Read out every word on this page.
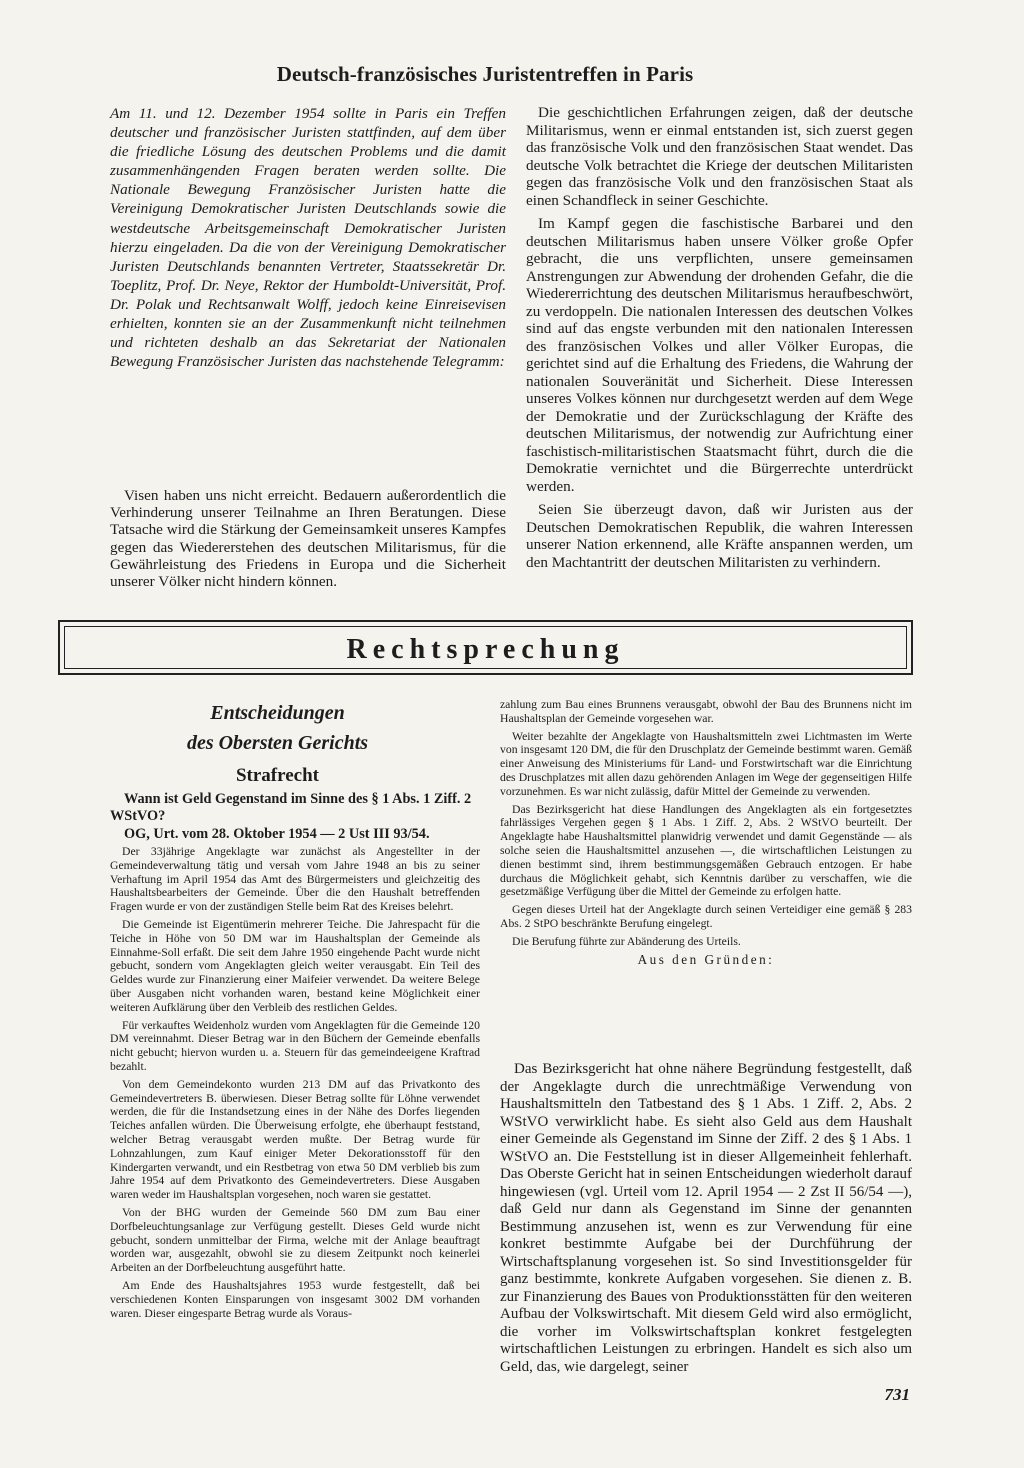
Deutsch-französisches Juristentreffen in Paris

Am 11. und 12. Dezember 1954 sollte in Paris ein Treffen deutscher und französischer Juristen stattfinden, auf dem über die friedliche Lösung des deutschen Problems und die damit zusammenhängenden Fragen beraten werden sollte. Die Nationale Bewegung Französischer Juristen hatte die Vereinigung Demokratischer Juristen Deutschlands sowie die westdeutsche Arbeitsgemeinschaft Demokratischer Juristen hierzu eingeladen. Da die von der Vereinigung Demokratischer Juristen Deutschlands benannten Vertreter, Staatssekretär Dr. Toeplitz, Prof. Dr. Neye, Rektor der Humboldt-Universität, Prof. Dr. Polak und Rechtsanwalt Wolff, jedoch keine Einreisevisen erhielten, konnten sie an der Zusammenkunft nicht teilnehmen und richteten deshalb an das Sekretariat der Nationalen Bewegung Französischer Juristen das nachstehende Telegramm:

Visen haben uns nicht erreicht. Bedauern außerordentlich die Verhinderung unserer Teilnahme an Ihren Beratungen. Diese Tatsache wird die Stärkung der Gemeinsamkeit unseres Kampfes gegen das Wiedererstehen des deutschen Militarismus, für die Gewährleistung des Friedens in Europa und die Sicherheit unserer Völker nicht hindern können.

Die geschichtlichen Erfahrungen zeigen, daß der deutsche Militarismus, wenn er einmal entstanden ist, sich zuerst gegen das französische Volk und den französischen Staat wendet. Das deutsche Volk betrachtet die Kriege der deutschen Militaristen gegen das französische Volk und den französischen Staat als einen Schandfleck in seiner Geschichte.

Im Kampf gegen die faschistische Barbarei und den deutschen Militarismus haben unsere Völker große Opfer gebracht, die uns verpflichten, unsere gemeinsamen Anstrengungen zur Abwendung der drohenden Gefahr, die die Wiedererrichtung des deutschen Militarismus heraufbeschwört, zu verdoppeln. Die nationalen Interessen des deutschen Volkes sind auf das engste verbunden mit den nationalen Interessen des französischen Volkes und aller Völker Europas, die gerichtet sind auf die Erhaltung des Friedens, die Wahrung der nationalen Souveränität und Sicherheit. Diese Interessen unseres Volkes können nur durchgesetzt werden auf dem Wege der Demokratie und der Zurückschlagung der Kräfte des deutschen Militarismus, der notwendig zur Aufrichtung einer faschistisch-militaristischen Staatsmacht führt, durch die die Demokratie vernichtet und die Bürgerrechte unterdrückt werden.

Seien Sie überzeugt davon, daß wir Juristen aus der Deutschen Demokratischen Republik, die wahren Interessen unserer Nation erkennend, alle Kräfte anspannen werden, um den Machtantritt der deutschen Militaristen zu verhindern.

Rechtsprechung
Entscheidungen
des Obersten Gerichts
Strafrecht
Wann ist Geld Gegenstand im Sinne des § 1 Abs. 1 Ziff. 2 WStVO?
OG, Urt. vom 28. Oktober 1954 — 2 Ust III 93/54.

Der 33jährige Angeklagte war zunächst als Angestellter in der Gemeindeverwaltung tätig und versah vom Jahre 1948 an bis zu seiner Verhaftung im April 1954 das Amt des Bürgermeisters und gleichzeitig des Haushaltsbearbeiters der Gemeinde. Über die den Haushalt betreffenden Fragen wurde er von der zuständigen Stelle beim Rat des Kreises belehrt.

Die Gemeinde ist Eigentümerin mehrerer Teiche. Die Jahrespacht für die Teiche in Höhe von 50 DM war im Haushaltsplan der Gemeinde als Einnahme-Soll erfaßt. Die seit dem Jahre 1950 eingehende Pacht wurde nicht gebucht, sondern vom Angeklagten gleich weiter verausgabt. Ein Teil des Geldes wurde zur Finanzierung einer Maifeier verwendet. Da weitere Belege über Ausgaben nicht vorhanden waren, bestand keine Möglichkeit einer weiteren Aufklärung über den Verbleib des restlichen Geldes.

Für verkauftes Weidenholz wurden vom Angeklagten für die Gemeinde 120 DM vereinnahmt. Dieser Betrag war in den Büchern der Gemeinde ebenfalls nicht gebucht; hiervon wurden u. a. Steuern für das gemeindeeigene Kraftrad bezahlt.

Von dem Gemeindekonto wurden 213 DM auf das Privatkonto des Gemeindevertreters B. überwiesen. Dieser Betrag sollte für Löhne verwendet werden, die für die Instandsetzung eines in der Nähe des Dorfes liegenden Teiches anfallen würden. Die Überweisung erfolgte, ehe überhaupt feststand, welcher Betrag verausgabt werden mußte. Der Betrag wurde für Lohnzahlungen, zum Kauf einiger Meter Dekorationsstoff für den Kindergarten verwandt, und ein Restbetrag von etwa 50 DM verblieb bis zum Jahre 1954 auf dem Privatkonto des Gemeindevertreters. Diese Ausgaben waren weder im Haushaltsplan vorgesehen, noch waren sie gestattet.

Von der BHG wurden der Gemeinde 560 DM zum Bau einer Dorfbeleuchtungsanlage zur Verfügung gestellt. Dieses Geld wurde nicht gebucht, sondern unmittelbar der Firma, welche mit der Anlage beauftragt worden war, ausgezahlt, obwohl sie zu diesem Zeitpunkt noch keinerlei Arbeiten an der Dorfbeleuchtung ausgeführt hatte.

Am Ende des Haushaltsjahres 1953 wurde festgestellt, daß bei verschiedenen Konten Einsparungen von insgesamt 3002 DM vorhanden waren. Dieser eingesparte Betrag wurde als Voraus-

zahlung zum Bau eines Brunnens verausgabt, obwohl der Bau des Brunnens nicht im Haushaltsplan der Gemeinde vorgesehen war.

Weiter bezahlte der Angeklagte von Haushaltsmitteln zwei Lichtmasten im Werte von insgesamt 120 DM, die für den Druschplatz der Gemeinde bestimmt waren. Gemäß einer Anweisung des Ministeriums für Land- und Forstwirtschaft war die Einrichtung des Druschplatzes mit allen dazu gehörenden Anlagen im Wege der gegenseitigen Hilfe vorzunehmen. Es war nicht zulässig, dafür Mittel der Gemeinde zu verwenden.

Das Bezirksgericht hat diese Handlungen des Angeklagten als ein fortgesetztes fahrlässiges Vergehen gegen § 1 Abs. 1 Ziff. 2, Abs. 2 WStVO beurteilt. Der Angeklagte habe Haushaltsmittel planwidrig verwendet und damit Gegenstände — als solche seien die Haushaltsmittel anzusehen —, die wirtschaftlichen Leistungen zu dienen bestimmt sind, ihrem bestimmungsgemäßen Gebrauch entzogen. Er habe durchaus die Möglichkeit gehabt, sich Kenntnis darüber zu verschaffen, wie die gesetzmäßige Verfügung über die Mittel der Gemeinde zu erfolgen hatte.

Gegen dieses Urteil hat der Angeklagte durch seinen Verteidiger eine gemäß § 283 Abs. 2 StPO beschränkte Berufung eingelegt.

Die Berufung führte zur Abänderung des Urteils.

Aus den Gründen:

Das Bezirksgericht hat ohne nähere Begründung festgestellt, daß der Angeklagte durch die unrechtmäßige Verwendung von Haushaltsmitteln den Tatbestand des § 1 Abs. 1 Ziff. 2, Abs. 2 WStVO verwirklicht habe. Es sieht also Geld aus dem Haushalt einer Gemeinde als Gegenstand im Sinne der Ziff. 2 des § 1 Abs. 1 WStVO an. Die Feststellung ist in dieser Allgemeinheit fehlerhaft. Das Oberste Gericht hat in seinen Entscheidungen wiederholt darauf hingewiesen (vgl. Urteil vom 12. April 1954 — 2 Zst II 56/54 —), daß Geld nur dann als Gegenstand im Sinne der genannten Bestimmung anzusehen ist, wenn es zur Verwendung für eine konkret bestimmte Aufgabe bei der Durchführung der Wirtschaftsplanung vorgesehen ist. So sind Investitionsgelder für ganz bestimmte, konkrete Aufgaben vorgesehen. Sie dienen z. B. zur Finanzierung des Baues von Produktionsstätten für den weiteren Aufbau der Volkswirtschaft. Mit diesem Geld wird also ermöglicht, die vorher im Volkswirtschaftsplan konkret festgelegten wirtschaftlichen Leistungen zu erbringen. Handelt es sich also um Geld, das, wie dargelegt, seiner

731
